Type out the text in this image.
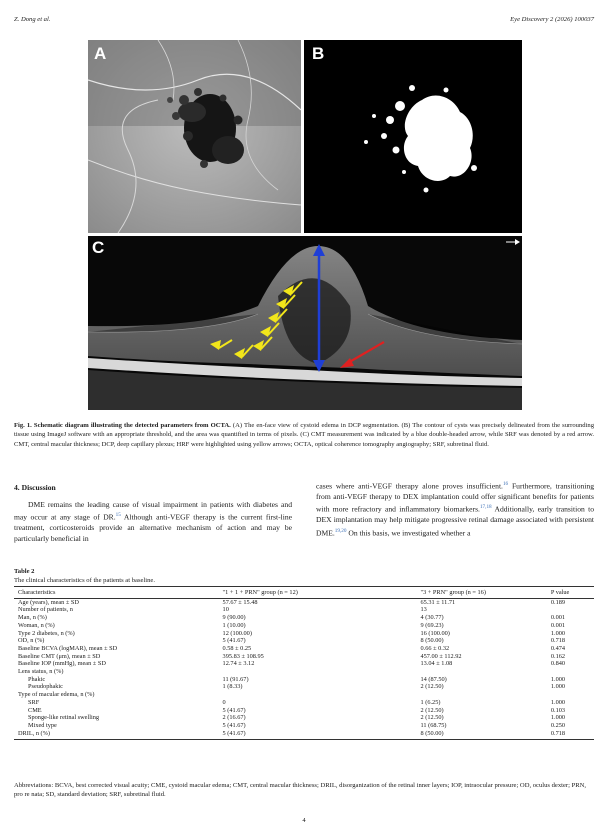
Z. Dong et al.	Eye Discovery 2 (2026) 100037
A	B
C
Fig. 1. Schematic diagram illustrating the detected parameters from OCTA. (A) The en-face view of cystoid edema in DCP segmentation. (B) The contour of cysts was precisely delineated from the surrounding tissue using ImageJ software with an appropriate threshold, and the area was quantified in terms of pixels. (C) CMT measurement was indicated by a blue double-headed arrow, while SRF was denoted by a red arrow. CMT, central macular thickness; DCP, deep capillary plexus; HRF were highlighted using yellow arrows; OCTA, optical coherence tomography angiography; SRF, subretinal fluid.
4. Discussion
DME remains the leading cause of visual impairment in patients with diabetes and may occur at any stage of DR.$^{15}$ Although anti-VEGF therapy is the current first-line treatment, corticosteroids provide an alternative mechanism of action and may be particularly beneficial in
cases where anti-VEGF therapy alone proves insufficient.$^{16}$ Furthermore, transitioning from anti-VEGF therapy to DEX implantation could offer significant benefits for patients with more refractory and inflammatory biomarkers.$^{17,18}$ Additionally, early transition to DEX implantation may help mitigate progressive retinal damage associated with persistent DME.$^{19,20}$ On this basis, we investigated whether a
Table 2
The clinical characteristics of the patients at baseline.
Characteristics	"1 + 1 + PRN" group (n = 12)	"3 + PRN" group (n = 16)	P value
Age (years), mean ± SD	57.67 ± 15.48	65.31 ± 11.71	0.189
Number of patients, n	10	13	
Man, n (%)	9 (90.00)	4 (30.77)	0.001
Woman, n (%)	1 (10.00)	9 (69.23)	0.001
Type 2 diabetes, n (%)	12 (100.00)	16 (100.00)	1.000
OD, n (%)	5 (41.67)	8 (50.00)	0.718
Baseline BCVA (logMAR), mean ± SD	0.58 ± 0.25	0.66 ± 0.32	0.474
Baseline CMT (μm), mean ± SD	395.83 ± 108.95	457.00 ± 112.92	0.162
Baseline IOP (mmHg), mean ± SD	12.74 ± 3.12	13.04 ± 1.08	0.840
Lens status, n (%)			
Phakic	11 (91.67)	14 (87.50)	1.000
Pseudophakic	1 (8.33)	2 (12.50)	1.000
Type of macular edema, n (%)			
SRF	0	1 (6.25)	1.000
CME	5 (41.67)	2 (12.50)	0.103
Sponge-like retinal swelling	2 (16.67)	2 (12.50)	1.000
Mixed type	5 (41.67)	11 (68.75)	0.250
DRIL, n (%)	5 (41.67)	8 (50.00)	0.718
Abbreviations: BCVA, best corrected visual acuity; CME, cystoid macular edema; CMT, central macular thickness; DRIL, disorganization of the retinal inner layers; IOP, intraocular pressure; OD, oculus dexter; PRN, pro re nata; SD, standard deviation; SRF, subretinal fluid.
4
